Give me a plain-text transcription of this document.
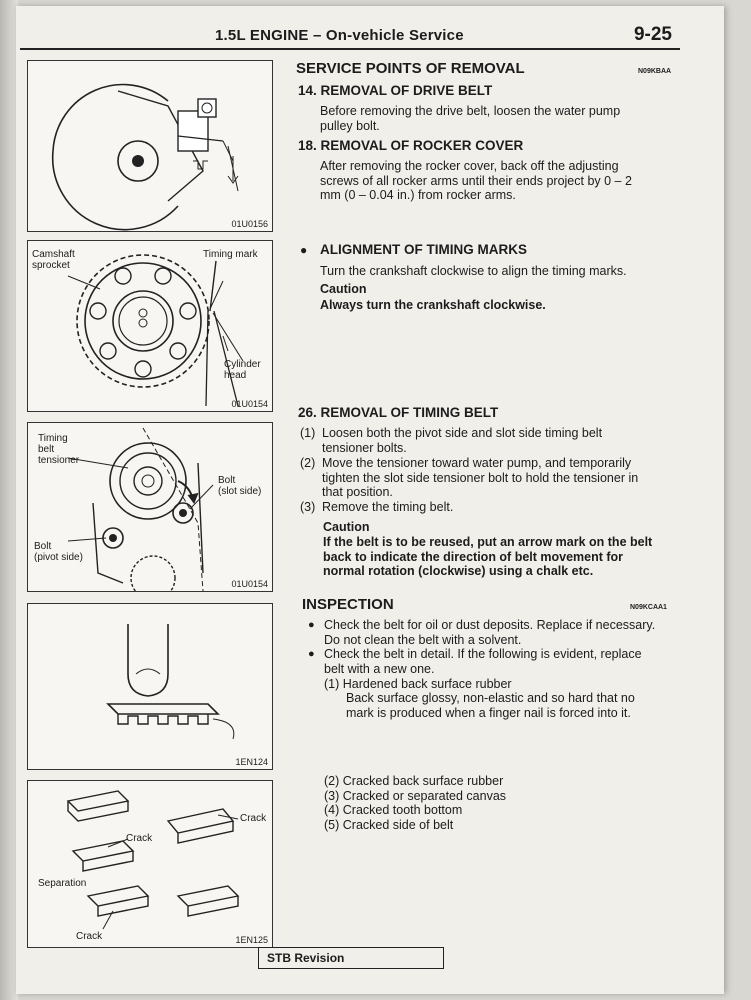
1.5L ENGINE – On-vehicle Service	9-25
01U0156
Camshaft
sprocket
Timing mark
Cylinder
head
01U0154
Timing
belt
tensioner
Bolt
(slot side)
Bolt
(pivot side)
01U0154
1EN124
Crack
Crack
Separation
Crack	1EN125
SERVICE POINTS OF REMOVAL	N09KBAA
14. REMOVAL OF DRIVE BELT
Before removing the drive belt, loosen the water pump
pulley bolt.
18. REMOVAL OF ROCKER COVER
After removing the rocker cover, back off the adjusting
screws of all rocker arms until their ends project by 0 – 2
mm (0 – 0.04 in.) from rocker arms.
● ALIGNMENT OF TIMING MARKS
Turn the crankshaft clockwise to align the timing marks.
Caution
Always turn the crankshaft clockwise.
26. REMOVAL OF TIMING BELT
(1) Loosen both the pivot side and slot side timing belt
tensioner bolts.
(2) Move the tensioner toward water pump, and temporarily
tighten the slot side tensioner bolt to hold the tensioner in
that position.
(3) Remove the timing belt.
Caution
If the belt is to be reused, put an arrow mark on the belt
back to indicate the direction of belt movement for
normal rotation (clockwise) using a chalk etc.
INSPECTION	N09KCAA1
● Check the belt for oil or dust deposits. Replace if necessary.
Do not clean the belt with a solvent.
● Check the belt in detail. If the following is evident, replace
belt with a new one.
(1) Hardened back surface rubber
Back surface glossy, non-elastic and so hard that no
mark is produced when a finger nail is forced into it.
(2) Cracked back surface rubber
(3) Cracked or separated canvas
(4) Cracked tooth bottom
(5) Cracked side of belt
STB Revision
